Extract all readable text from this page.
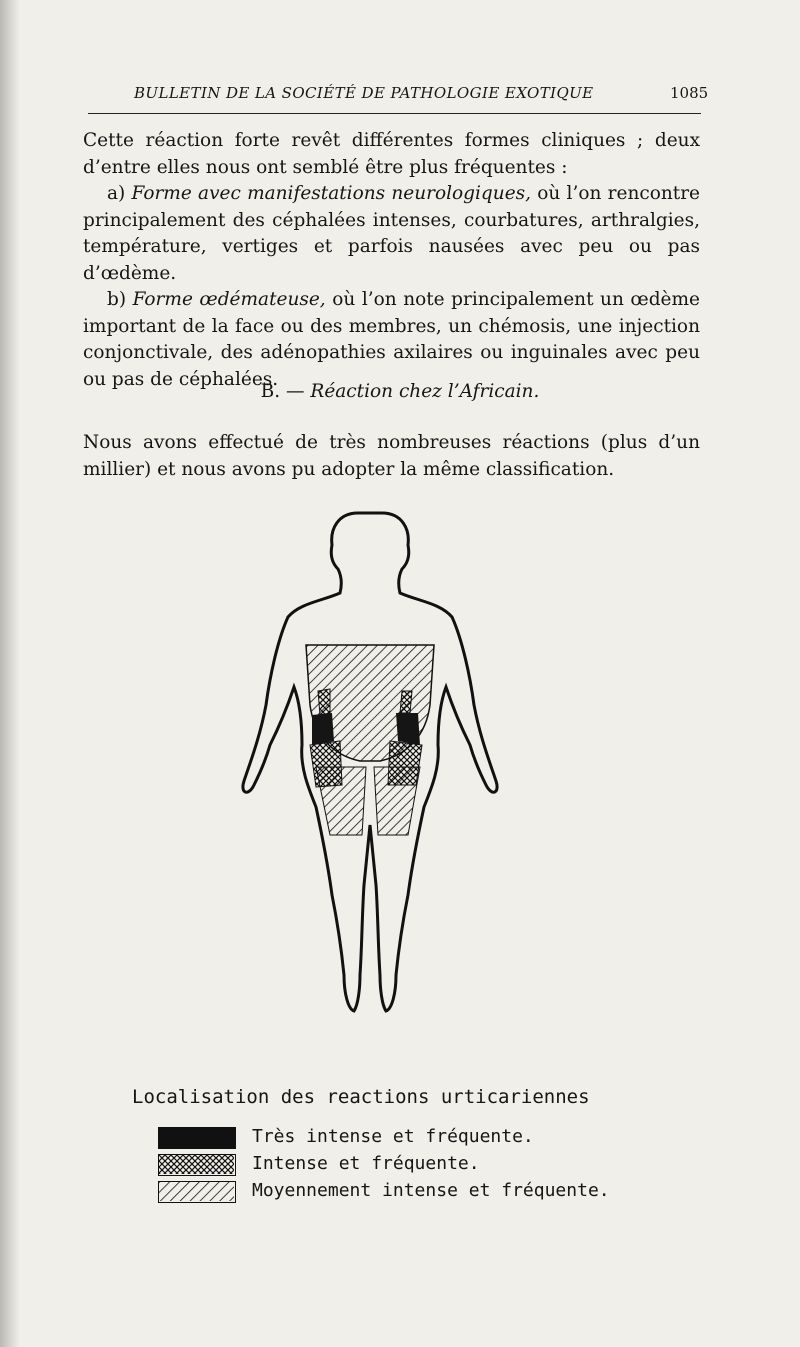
BULLETIN DE LA SOCIÉTÉ DE PATHOLOGIE EXOTIQUE	1085

Cette réaction forte revêt différentes formes cliniques ; deux d’entre elles nous ont semblé être plus fréquentes :

a) Forme avec manifestations neurologiques, où l’on rencontre principalement des céphalées intenses, courbatures, arthralgies, température, vertiges et parfois nausées avec peu ou pas d’œdème.

b) Forme œdémateuse, où l’on note principalement un œdème important de la face ou des membres, un chémosis, une injection conjonctivale, des adénopathies axilaires ou inguinales avec peu ou pas de céphalées.

B. — Réaction chez l’Africain.

Nous avons effectué de très nombreuses réactions (plus d’un millier) et nous avons pu adopter la même classification.

Localisation des reactions urticariennes
Très intense et fréquente.
Intense et fréquente.
Moyennement intense et fréquente.
